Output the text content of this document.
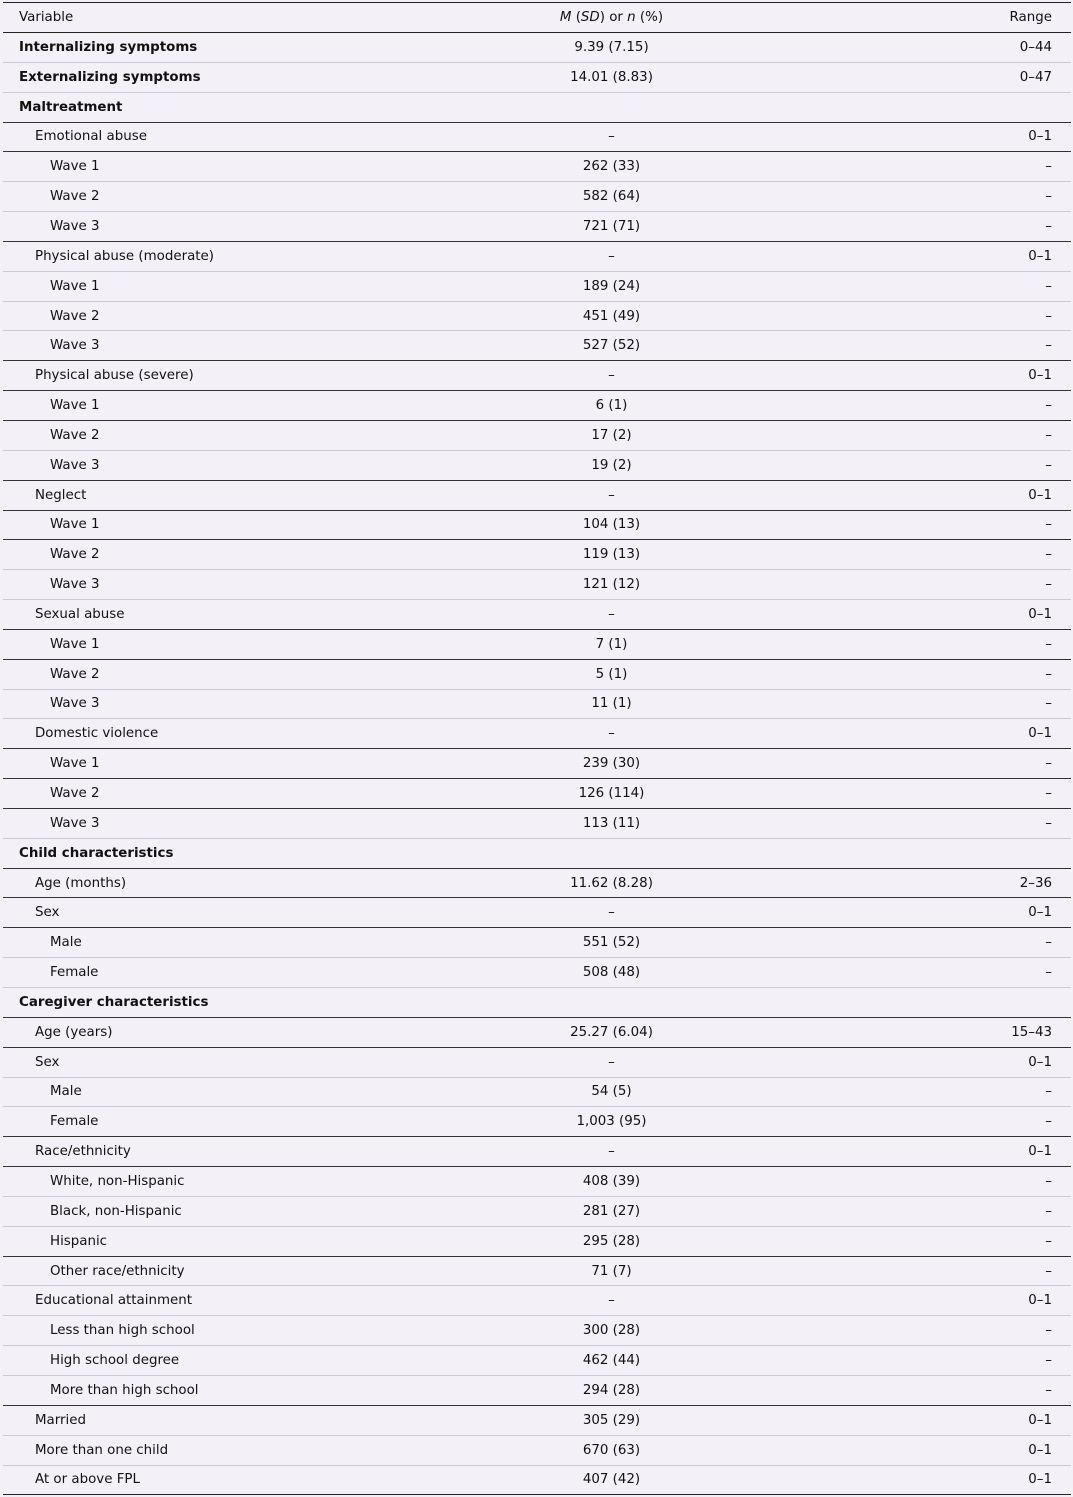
Variable	M (SD) or n (%)	Range
Internalizing symptoms	9.39 (7.15)	0–44
Externalizing symptoms	14.01 (8.83)	0–47
Maltreatment
Emotional abuse	–	0–1
Wave 1	262 (33)	–
Wave 2	582 (64)	–
Wave 3	721 (71)	–
Physical abuse (moderate)	–	0–1
Wave 1	189 (24)	–
Wave 2	451 (49)	–
Wave 3	527 (52)	–
Physical abuse (severe)	–	0–1
Wave 1	6 (1)	–
Wave 2	17 (2)	–
Wave 3	19 (2)	–
Neglect	–	0–1
Wave 1	104 (13)	–
Wave 2	119 (13)	–
Wave 3	121 (12)	–
Sexual abuse	–	0–1
Wave 1	7 (1)	–
Wave 2	5 (1)	–
Wave 3	11 (1)	–
Domestic violence	–	0–1
Wave 1	239 (30)	–
Wave 2	126 (114)	–
Wave 3	113 (11)	–
Child characteristics
Age (months)	11.62 (8.28)	2–36
Sex	–	0–1
Male	551 (52)	–
Female	508 (48)	–
Caregiver characteristics
Age (years)	25.27 (6.04)	15–43
Sex	–	0–1
Male	54 (5)	–
Female	1,003 (95)	–
Race/ethnicity	–	0–1
White, non-Hispanic	408 (39)	–
Black, non-Hispanic	281 (27)	–
Hispanic	295 (28)	–
Other race/ethnicity	71 (7)	–
Educational attainment	–	0–1
Less than high school	300 (28)	–
High school degree	462 (44)	–
More than high school	294 (28)	–
Married	305 (29)	0–1
More than one child	670 (63)	0–1
At or above FPL	407 (42)	0–1
